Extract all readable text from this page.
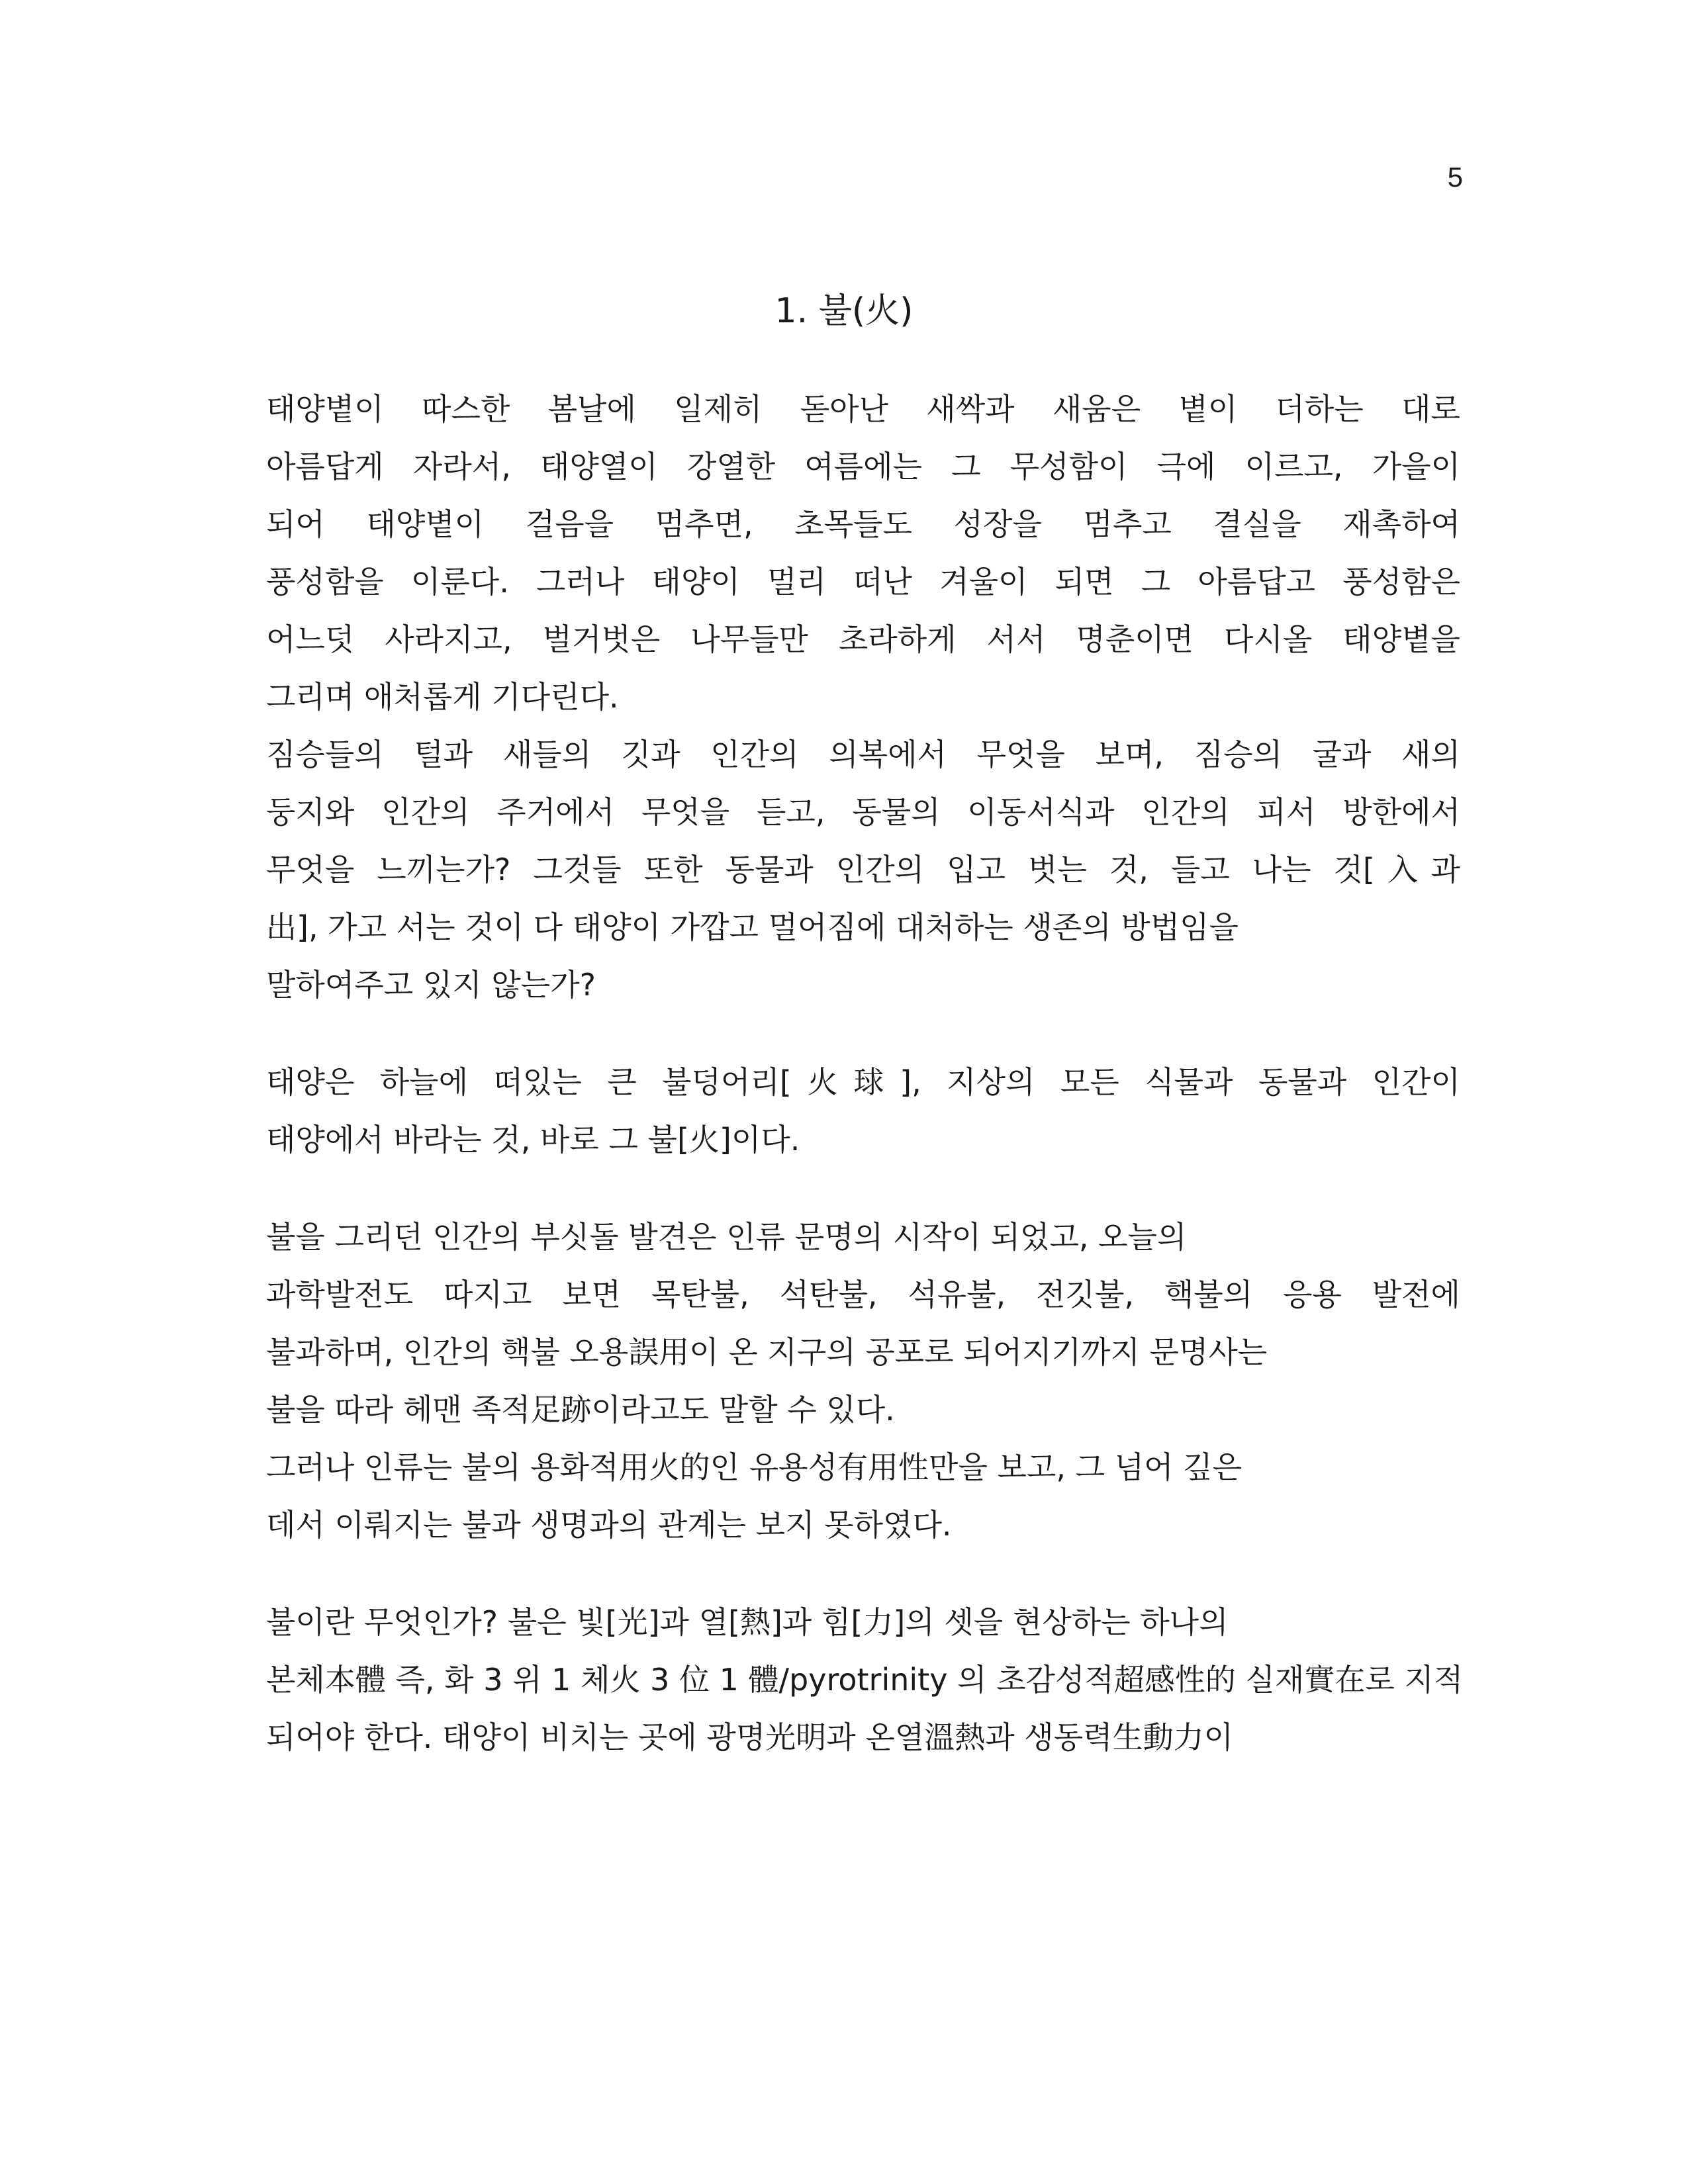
5
1. 불(火)

태양볕이 따스한 봄날에 일제히 돋아난 새싹과 새움은 볕이 더하는 대로
아름답게 자라서, 태양열이 강열한 여름에는 그 무성함이 극에 이르고, 가을이
되어 태양볕이 걸음을 멈추면, 초목들도 성장을 멈추고 결실을 재촉하여
풍성함을 이룬다. 그러나 태양이 멀리 떠난 겨울이 되면 그 아름답고 풍성함은
어느덧 사라지고, 벌거벗은 나무들만 초라하게 서서 명춘이면 다시올 태양볕을
그리며 애처롭게 기다린다.

짐승들의 털과 새들의 깃과 인간의 의복에서 무엇을 보며, 짐승의 굴과 새의
둥지와 인간의 주거에서 무엇을 듣고, 동물의 이동서식과 인간의 피서 방한에서
무엇을 느끼는가? 그것들 또한 동물과 인간의 입고 벗는 것, 들고 나는 것[入과
出], 가고 서는 것이 다 태양이 가깝고 멀어짐에 대처하는 생존의 방법임을
말하여주고 있지 않는가?

태양은 하늘에 떠있는 큰 불덩어리[火球], 지상의 모든 식물과 동물과 인간이
태양에서 바라는 것, 바로 그 불[火]이다.

불을 그리던 인간의 부싯돌 발견은 인류 문명의 시작이 되었고, 오늘의
과학발전도 따지고 보면 목탄불, 석탄불, 석유불, 전깃불, 핵불의 응용 발전에
불과하며, 인간의 핵불 오용誤用이 온 지구의 공포로 되어지기까지 문명사는
불을 따라 헤맨 족적足跡이라고도 말할 수 있다.

그러나 인류는 불의 용화적用火的인 유용성有用性만을 보고, 그 넘어 깊은
데서 이뤄지는 불과 생명과의 관계는 보지 못하였다.

불이란 무엇인가? 불은 빛[光]과 열[熱]과 힘[力]의 셋을 현상하는 하나의
본체本體 즉, 화 3 위 1 체火 3 位 1 體/pyrotrinity 의 초감성적超感性的 실재實在로 지적
되어야 한다. 태양이 비치는 곳에 광명光明과 온열溫熱과 생동력生動力이
